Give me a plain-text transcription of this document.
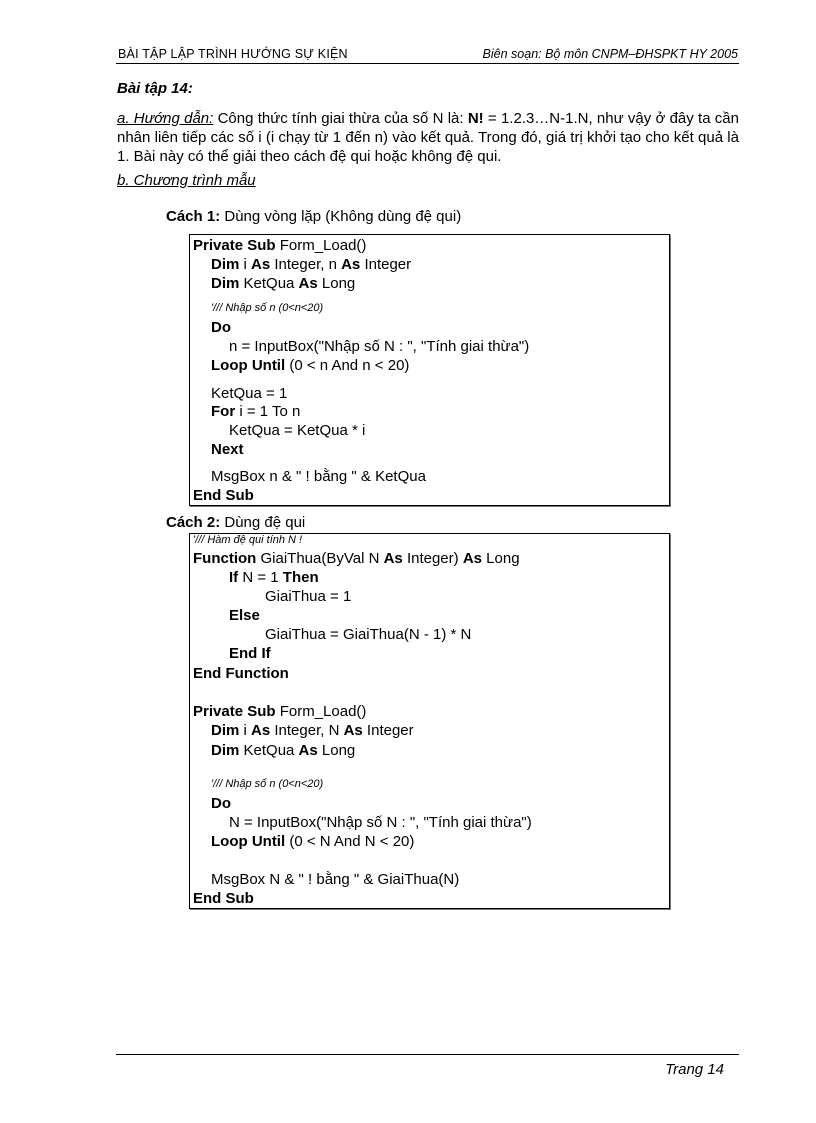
BÀI TẬP LẬP TRÌNH HƯỚNG SỰ KIỆN	Biên soạn: Bộ môn CNPM–ĐHSPKT HY 2005
Bài tập 14:
a. Hướng dẫn: Công thức tính giai thừa của số N là: N! = 1.2.3…N-1.N, như vậy ở đây ta cần nhân liên tiếp các số i (i chạy từ 1 đến n) vào kết quả. Trong đó, giá trị khởi tạo cho kết quả là 1. Bài này có thể giải theo cách đệ qui hoặc không đệ qui.
b. Chương trình mẫu
Cách 1: Dùng vòng lặp (Không dùng đệ qui)
Private Sub Form_Load()
Dim i As Integer, n As Integer
Dim KetQua As Long
'/// Nhập số n (0<n<20)
Do
n = InputBox("Nhập số N : ", "Tính giai thừa")
Loop Until (0 < n And n < 20)
KetQua = 1
For i = 1 To n
KetQua = KetQua * i
Next
MsgBox n & " ! bằng " & KetQua
End Sub
Cách 2: Dùng đệ qui
'/// Hàm đệ qui tính N !
Function GiaiThua(ByVal N As Integer) As Long
If N = 1 Then
GiaiThua = 1
Else
GiaiThua = GiaiThua(N - 1) * N
End If
End Function
Private Sub Form_Load()
Dim i As Integer, N As Integer
Dim KetQua As Long
'/// Nhập số n (0<n<20)
Do
N = InputBox("Nhập số N : ", "Tính giai thừa")
Loop Until (0 < N And N < 20)
MsgBox N & " ! bằng " & GiaiThua(N)
End Sub
Trang 14
